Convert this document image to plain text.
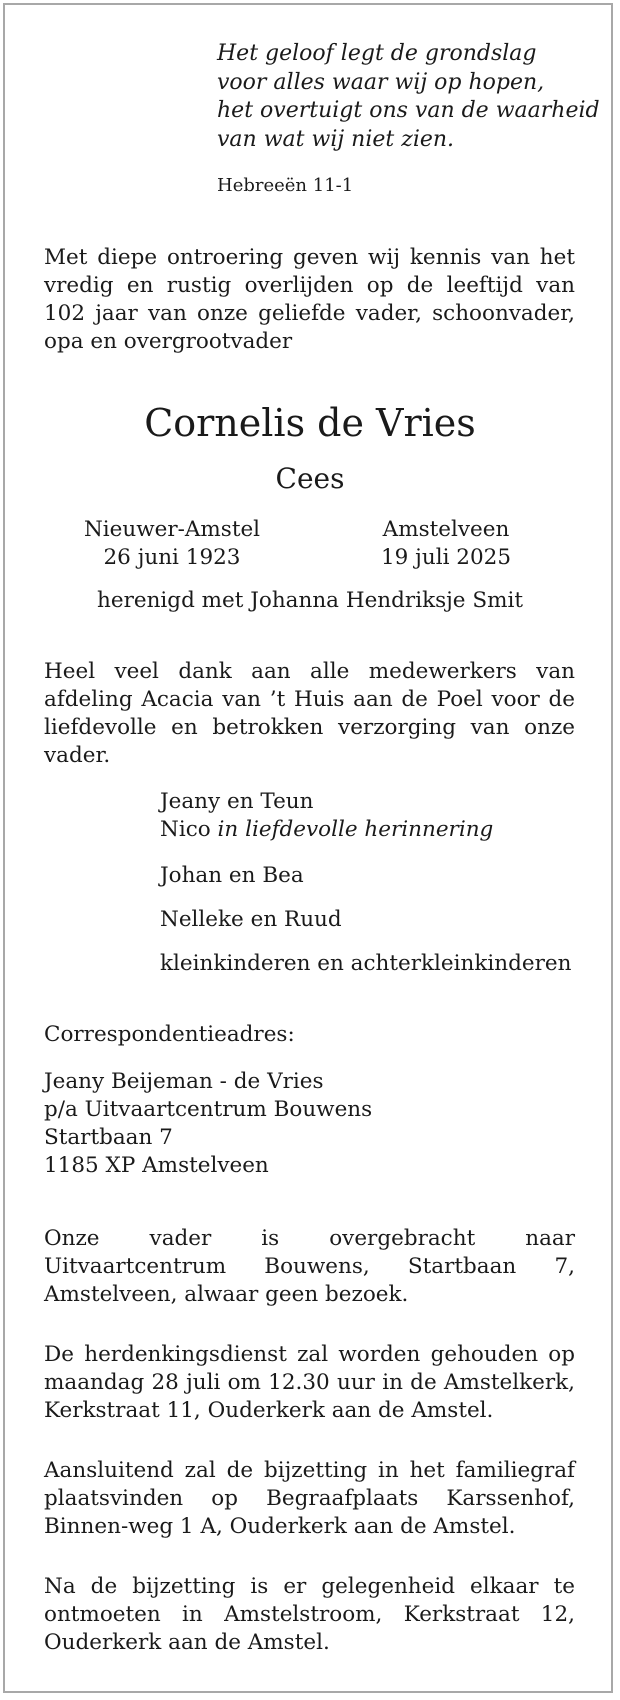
Het geloof legt de grondslag
voor alles waar wij op hopen,
het overtuigt ons van de waarheid
van wat wij niet zien.

Hebreeën 11-1

Met diepe ontroering geven wij kennis van het vredig en rustig overlijden op de leeftijd van 102 jaar van onze geliefde vader, schoonvader, opa en overgrootvader

Cornelis de Vries

Cees

Nieuwer-Amstel
26 juni 1923
Amstelveen
19 juli 2025

herenigd met Johanna Hendriksje Smit

Heel veel dank aan alle medewerkers van afdeling Acacia van ’t Huis aan de Poel voor de liefdevolle en betrokken verzorging van onze vader.

Jeany en Teun
Nico in liefdevolle herinnering
Johan en Bea
Nelleke en Ruud
kleinkinderen en achterkleinkinderen

Correspondentieadres:

Jeany Beijeman - de Vries
p/a Uitvaartcentrum Bouwens
Startbaan 7
1185 XP Amstelveen

Onze vader is overgebracht naar Uitvaartcentrum Bouwens, Startbaan 7, Amstelveen, alwaar geen bezoek.

De herdenkingsdienst zal worden gehouden op maandag 28 juli om 12.30 uur in de Amstelkerk, Kerkstraat 11, Ouderkerk aan de Amstel.

Aansluitend zal de bijzetting in het familiegraf plaatsvinden op Begraafplaats Karssenhof, Binnen-weg 1 A, Ouderkerk aan de Amstel.

Na de bijzetting is er gelegenheid elkaar te ontmoeten in Amstelstroom, Kerkstraat 12, Ouderkerk aan de Amstel.
